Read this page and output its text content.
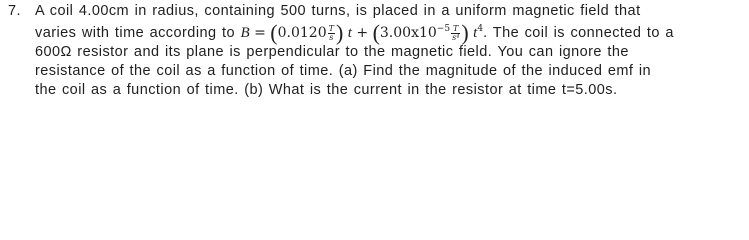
7. A coil 4.00cm in radius, containing 500 turns, is placed in a uniform magnetic field that
varies with time according to $B = (0.0120 \frac{T}{s}$ ) $t + (3.00x10^{-5} \frac{T}{\text{s⁴}}$ ) $t^4$. The coil is connected to a
600Ω resistor and its plane is perpendicular to the magnetic field. You can ignore the
resistance of the coil as a function of time. (a) Find the magnitude of the induced emf in
the coil as a function of time. (b) What is the current in the resistor at time t=5.00s.
